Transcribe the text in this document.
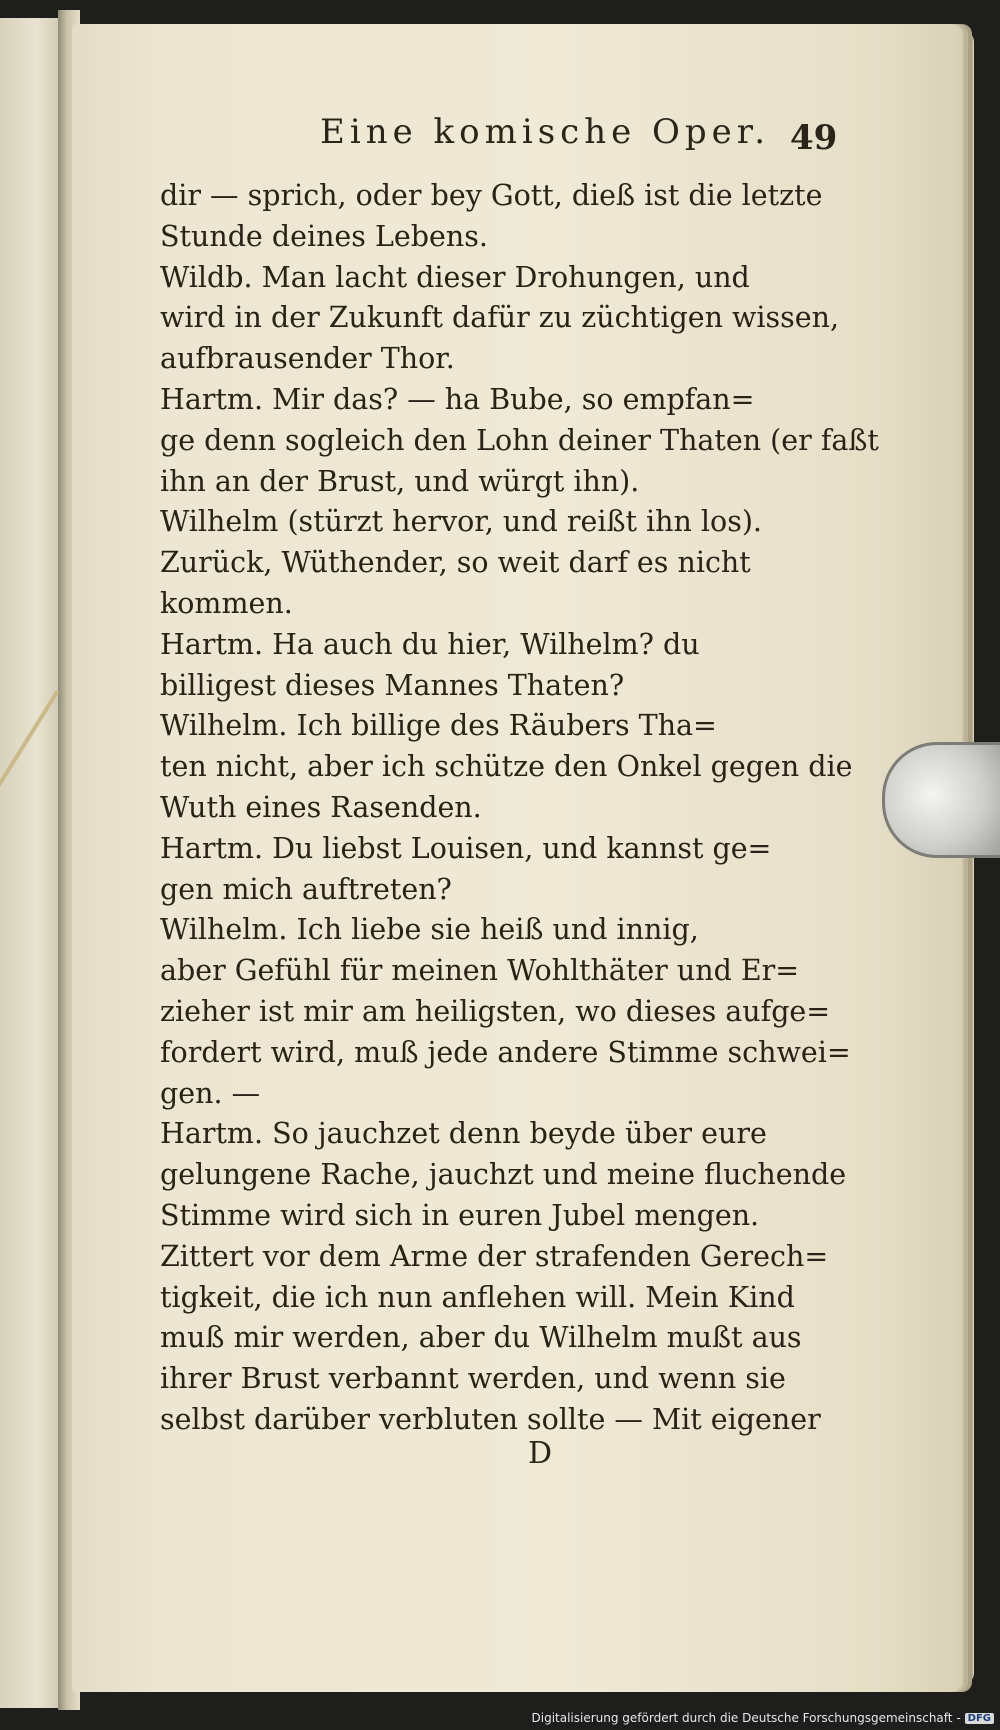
Eine komische Oper. 49
dir — sprich, oder bey Gott, dieß ist die letzte
Stunde deines Lebens.
Wildb. Man lacht dieser Drohungen, und
wird in der Zukunft dafür zu züchtigen wissen,
aufbrausender Thor.
Hartm. Mir das? — ha Bube, so empfan=
ge denn sogleich den Lohn deiner Thaten (er faßt
ihn an der Brust, und würgt ihn).
Wilhelm (stürzt hervor, und reißt ihn los).
Zurück, Wüthender, so weit darf es nicht
kommen.
Hartm. Ha auch du hier, Wilhelm? du
billigest dieses Mannes Thaten?
Wilhelm. Ich billige des Räubers Tha=
ten nicht, aber ich schütze den Onkel gegen die
Wuth eines Rasenden.
Hartm. Du liebst Louisen, und kannst ge=
gen mich auftreten?
Wilhelm. Ich liebe sie heiß und innig,
aber Gefühl für meinen Wohlthäter und Er=
zieher ist mir am heiligsten, wo dieses aufge=
fordert wird, muß jede andere Stimme schwei=
gen. —
Hartm. So jauchzet denn beyde über eure
gelungene Rache, jauchzt und meine fluchende
Stimme wird sich in euren Jubel mengen.
Zittert vor dem Arme der strafenden Gerech=
tigkeit, die ich nun anflehen will. Mein Kind
muß mir werden, aber du Wilhelm mußt aus
ihrer Brust verbannt werden, und wenn sie
selbst darüber verbluten sollte — Mit eigener
D
Digitalisierung gefördert durch die Deutsche Forschungsgemeinschaft - DFG
